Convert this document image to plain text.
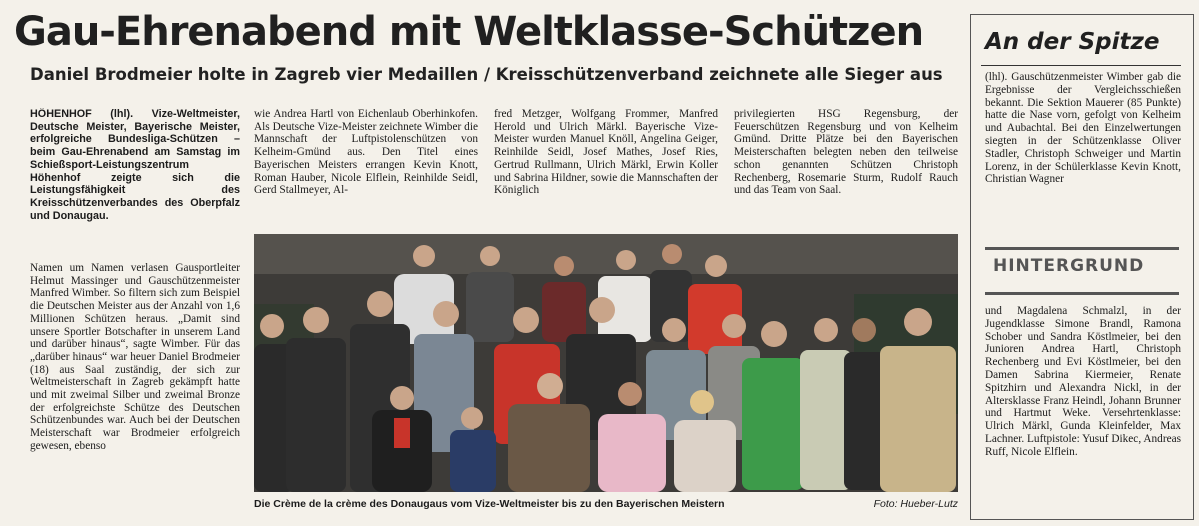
Gau-Ehrenabend mit Weltklasse-Schützen
Daniel Brodmeier holte in Zagreb vier Medaillen / Kreisschützenverband zeichnete alle Sieger aus

HÖHENHOF (lhl). Vize-Weltmeister, Deutsche Meister, Bayerische Meister, erfolgreiche Bundesliga-Schützen – beim Gau-Ehrenabend am Samstag im Schießsport-Leistungszentrum Höhenhof zeigte sich die Leistungsfähigkeit des Kreisschützenverbandes des Oberpfalz und Donaugau.

Namen um Namen verlasen Gausportleiter Helmut Massinger und Gauschützenmeister Manfred Wimber. So filtern sich zum Beispiel die Deutschen Meister aus der Anzahl von 1,6 Millionen Schützen heraus. „Damit sind unsere Sportler Botschafter in unserem Land und darüber hinaus“, sagte Wimber. Für das „darüber hinaus“ war heuer Daniel Brodmeier (18) aus Saal zuständig, der sich zur Weltmeisterschaft in Zagreb gekämpft hatte und mit zweimal Silber und zweimal Bronze der erfolgreichste Schütze des Deutschen Schützenbundes war. Auch bei der Deutschen Meisterschaft war Brodmeier erfolgreich gewesen, ebenso

wie Andrea Hartl von Eichenlaub Oberhinkofen. Als Deutsche Vize-Meister zeichnete Wimber die Mannschaft der Luftpistolenschützen von Kelheim-Gmünd aus. Den Titel eines Bayerischen Meisters errangen Kevin Knott, Roman Hauber, Nicole Elflein, Reinhilde Seidl, Gerd Stallmeyer, Al-

fred Metzger, Wolfgang Frommer, Manfred Herold und Ulrich Märkl. Bayerische Vize-Meister wurden Manuel Knöll, Angelina Geiger, Reinhilde Seidl, Josef Mathes, Josef Ries, Gertrud Rullmann, Ulrich Märkl, Erwin Koller und Sabrina Hildner, sowie die Mannschaften der Königlich

privilegierten HSG Regensburg, der Feuerschützen Regensburg und von Kelheim Gmünd. Dritte Plätze bei den Bayerischen Meisterschaften belegten neben den teilweise schon genannten Schützen Christoph Rechenberg, Rosemarie Sturm, Rudolf Rauch und das Team von Saal.

Die Crème de la crème des Donaugaus vom Vize-Weltmeister bis zu den Bayerischen Meistern	Foto: Hueber-Lutz
An der Spitze

(lhl). Gauschützenmeister Wimber gab die Ergebnisse der Vergleichsschießen bekannt. Die Sektion Mauerer (85 Punkte) hatte die Nase vorn, gefolgt von Kelheim und Aubachtal. Bei den Einzelwertungen siegten in der Schützenklasse Oliver Stadler, Christoph Schweiger und Martin Lorenz, in der Schülerklasse Kevin Knott, Christian Wagner

HINTERGRUND

und Magdalena Schmalzl, in der Jugendklasse Simone Brandl, Ramona Schober und Sandra Köstlmeier, bei den Junioren Andrea Hartl, Christoph Rechenberg und Evi Köstlmeier, bei den Damen Sabrina Kiermeier, Renate Spitzhirn und Alexandra Nickl, in der Altersklasse Franz Heindl, Johann Brunner und Hartmut Weke. Versehrtenklasse: Ulrich Märkl, Gunda Kleinfelder, Max Lachner. Luftpistole: Yusuf Dikec, Andreas Ruff, Nicole Elflein.
